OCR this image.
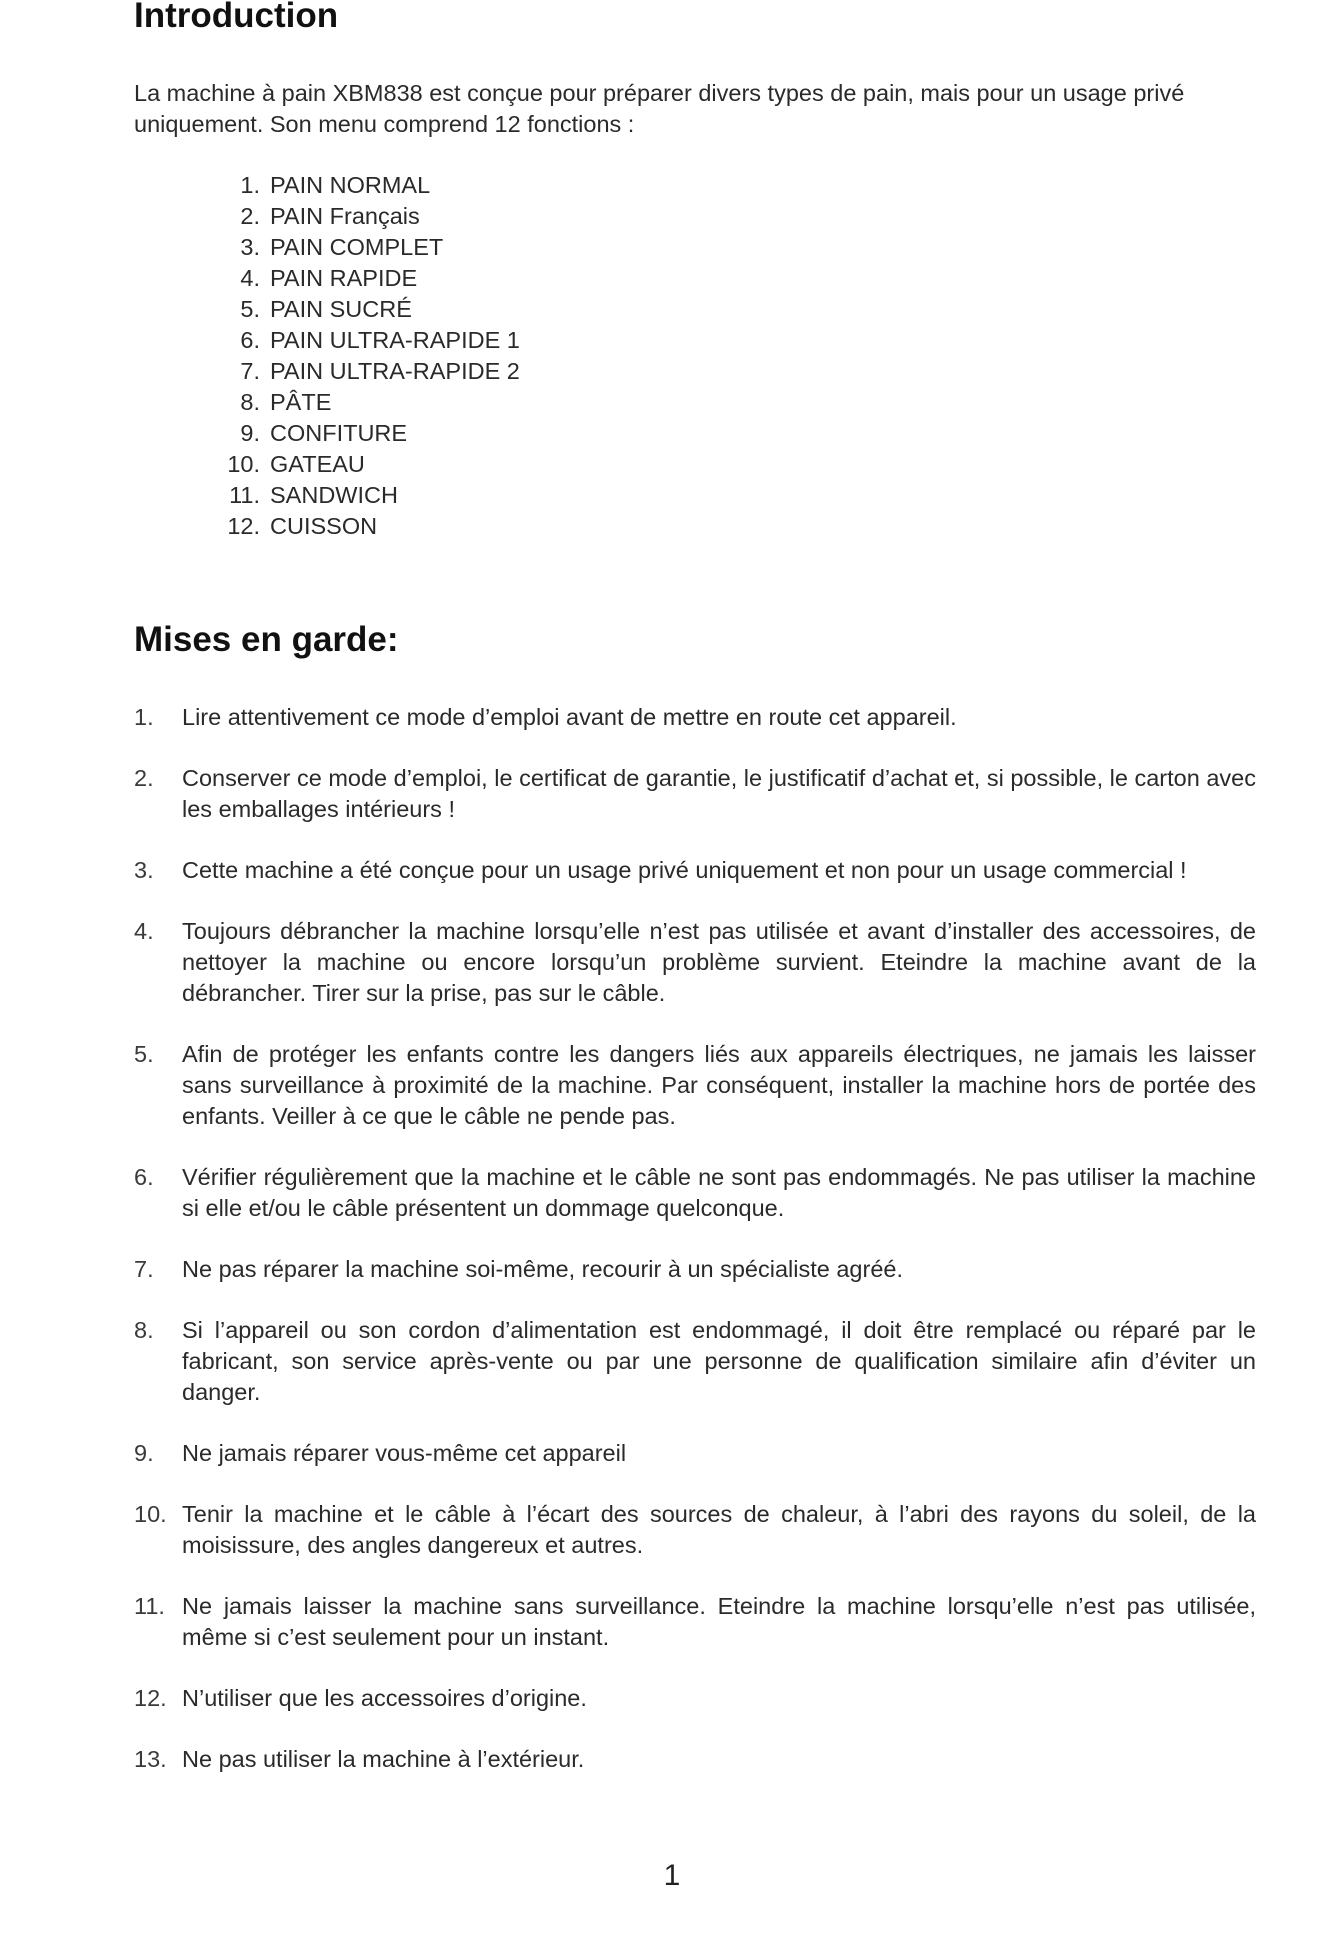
Introduction

La machine à pain XBM838 est conçue pour préparer divers types de pain, mais pour un usage privé uniquement. Son menu comprend 12 fonctions :

1. PAIN NORMAL
2. PAIN Français
3. PAIN COMPLET
4. PAIN RAPIDE
5. PAIN SUCRÉ
6. PAIN ULTRA-RAPIDE 1
7. PAIN ULTRA-RAPIDE 2
8. PÂTE
9. CONFITURE
10. GATEAU
11. SANDWICH
12. CUISSON
Mises en garde:
1. Lire attentivement ce mode d’emploi avant de mettre en route cet appareil.
2. Conserver ce mode d’emploi, le certificat de garantie, le justificatif d’achat et, si possible, le carton avec les emballages intérieurs !
3. Cette machine a été conçue pour un usage privé uniquement et non pour un usage commercial !
4. Toujours débrancher la machine lorsqu’elle n’est pas utilisée et avant d’installer des accessoires, de nettoyer la machine ou encore lorsqu’un problème survient. Eteindre la machine avant de la débrancher. Tirer sur la prise, pas sur le câble.
5. Afin de protéger les enfants contre les dangers liés aux appareils électriques, ne jamais les laisser sans surveillance à proximité de la machine. Par conséquent, installer la machine hors de portée des enfants. Veiller à ce que le câble ne pende pas.
6. Vérifier régulièrement que la machine et le câble ne sont pas endommagés. Ne pas utiliser la machine si elle et/ou le câble présentent un dommage quelconque.
7. Ne pas réparer la machine soi-même, recourir à un spécialiste agréé.
8. Si l’appareil ou son cordon d’alimentation est endommagé, il doit être remplacé ou réparé par le fabricant, son service après-vente ou par une personne de qualification similaire afin d’éviter un danger.
9. Ne jamais réparer vous-même cet appareil
10. Tenir la machine et le câble à l’écart des sources de chaleur, à l’abri des rayons du soleil, de la moisissure, des angles dangereux et autres.
11. Ne jamais laisser la machine sans surveillance. Eteindre la machine lorsqu’elle n’est pas utilisée, même si c’est seulement pour un instant.
12. N’utiliser que les accessoires d’origine.
13. Ne pas utiliser la machine à l’extérieur.
1
